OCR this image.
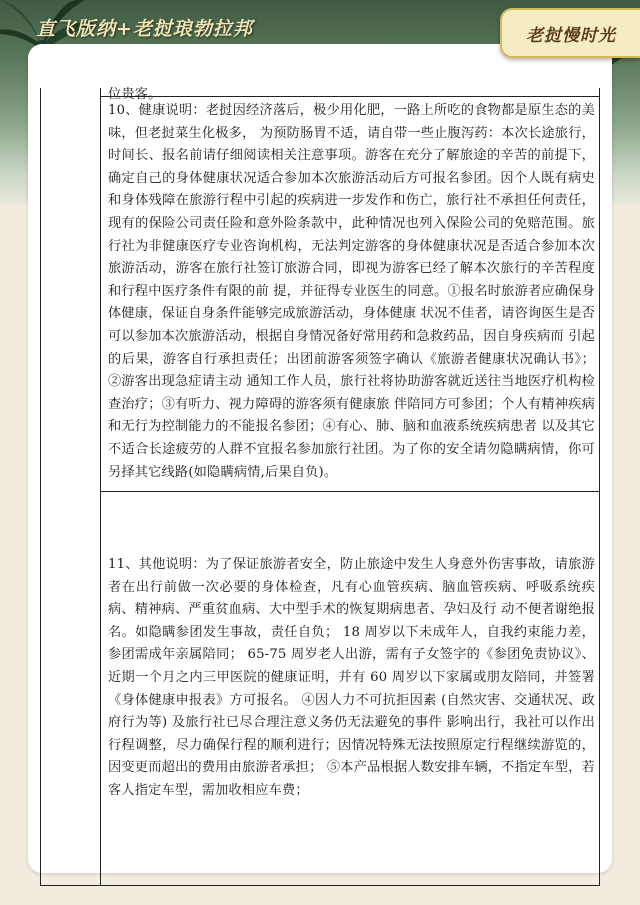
直飞版纳+老挝琅勃拉邦

位贵客。

10、健康说明：老挝因经济落后，极少用化肥，一路上所吃的食物都是原生态的美味，但老挝菜生化极多， 为预防肠胃不适，请自带一些止腹泻药：本次长途旅行，时间长、报名前请仔细阅读相关注意事项。游客在充分了解旅途的辛苦的前提下，确定自己的身体健康状况适合参加本次旅游活动后方可报名参团。因个人既有病史和身体残障在旅游行程中引起的疾病进一步发作和伤亡，旅行社不承担任何责任，现有的保险公司责任险和意外险条款中，此种情况也列入保险公司的免赔范围。旅行社为非健康医疗专业咨询机构，无法判定游客的身体健康状况是否适合参加本次旅游活动，游客在旅行社签订旅游合同，即视为游客已经了解本次旅行的辛苦程度和行程中医疗条件有限的前 提，并征得专业医生的同意。①报名时旅游者应确保身体健康，保证自身条件能够完成旅游活动，身体健康 状况不佳者，请咨询医生是否可以参加本次旅游活动，根据自身情况备好常用药和急救药品，因自身疾病而 引起的后果，游客自行承担责任；出团前游客须签字确认《旅游者健康状况确认书》；②游客出现急症请主动 通知工作人员，旅行社将协助游客就近送往当地医疗机构检查治疗；③有听力、视力障碍的游客须有健康旅 伴陪同方可参团；个人有精神疾病和无行为控制能力的不能报名参团；④有心、肺、脑和血液系统疾病患者 以及其它不适合长途疲劳的人群不宜报名参加旅行社团。为了你的安全请勿隐瞒病情，你可另择其它线路(如隐瞒病情,后果自负)。

11、其他说明：为了保证旅游者安全，防止旅途中发生人身意外伤害事故，请旅游者在出行前做一次必要的身体检查，凡有心血管疾病、脑血管疾病、呼吸系统疾病、精神病、严重贫血病、大中型手术的恢复期病患者、孕妇及行 动不便者谢绝报名。如隐瞒参团发生事故，责任自负； 18 周岁以下未成年人，自我约束能力差，参团需成年亲属陪同； 65-75 周岁老人出游，需有子女签字的《参团免责协议》、近期一个月之内三甲医院的健康证明，并有 60 周岁以下家属或朋友陪同，并签署《身体健康申报表》方可报名。 ④因人力不可抗拒因素 (自然灾害、交通状况、政府行为等) 及旅行社已尽合理注意义务仍无法避免的事件 影响出行，我社可以作出行程调整，尽力确保行程的顺利进行；因情况特殊无法按照原定行程继续游览的， 因变更而超出的费用由旅游者承担； ⑤本产品根据人数安排车辆，不指定车型，若客人指定车型，需加收相应车费；

老挝慢时光
